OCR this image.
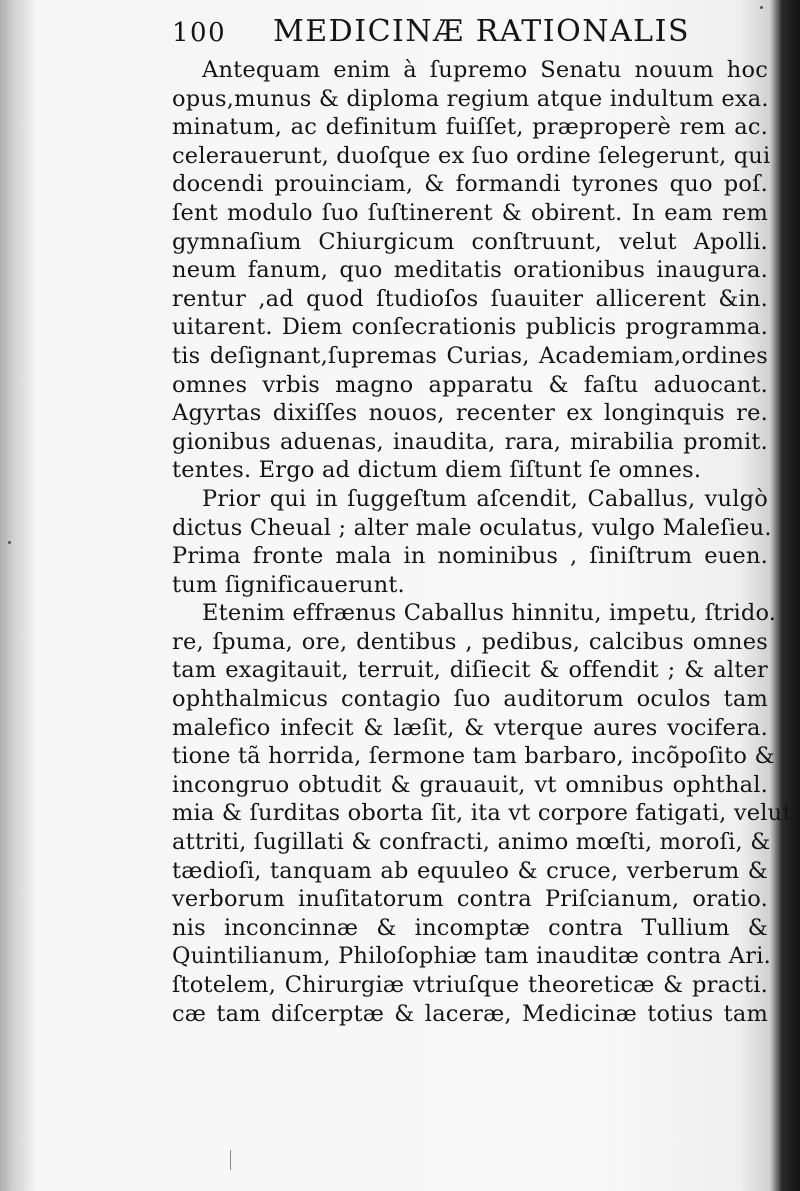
100 MEDICINÆ RATIONALIS
Antequam enim à ſupremo Senatu nouum hoc
opus,munus & diploma regium atque indultum exa.
minatum, ac definitum fuiſſet, præproperè rem ac.
celerauerunt, duoſque ex ſuo ordine ſelegerunt, qui
docendi prouinciam, & formandi tyrones quo poſ.
ſent modulo ſuo ſuſtinerent & obirent. In eam rem
gymnaſium Chiurgicum conſtruunt, velut Apolli.
neum fanum, quo meditatis orationibus inaugura.
rentur ,ad quod ſtudioſos ſuauiter allicerent &in.
uitarent. Diem conſecrationis publicis programma.
tis deſignant,ſupremas Curias, Academiam,ordines
omnes vrbis magno apparatu & faſtu aduocant.
Agyrtas dixiſſes nouos, recenter ex longinquis re.
gionibus aduenas, inaudita, rara, mirabilia promit.
tentes. Ergo ad dictum diem ſiſtunt ſe omnes.
Prior qui in ſuggeſtum aſcendit, Caballus, vulgò
dictus Cheual ; alter male oculatus, vulgo Maleſieu.
Prima fronte mala in nominibus , ſiniſtrum euen.
tum ſignificauerunt.
Etenim effrænus Caballus hinnitu, impetu, ſtrido.
re, ſpuma, ore, dentibus , pedibus, calcibus omnes
tam exagitauit, terruit, diſiecit & offendit ; & alter
ophthalmicus contagio ſuo auditorum oculos tam
malefico infecit & læſit, & vterque aures vocifera.
tione tã horrida, ſermone tam barbaro, incõpoſito &
incongruo obtudit & grauauit, vt omnibus ophthal.
mia & ſurditas oborta ſit, ita vt corpore fatigati, velut
attriti, ſugillati & confracti, animo mœſti, moroſi, &
tædioſi, tanquam ab equuleo & cruce, verberum &
verborum inuſitatorum contra Priſcianum, oratio.
nis inconcinnæ & incomptæ contra Tullium &
Quintilianum, Philoſophiæ tam inauditæ contra Ari.
ſtotelem, Chirurgiæ vtriuſque theoreticæ & practi.
cæ tam diſcerptæ & laceræ, Medicinæ totius tam
